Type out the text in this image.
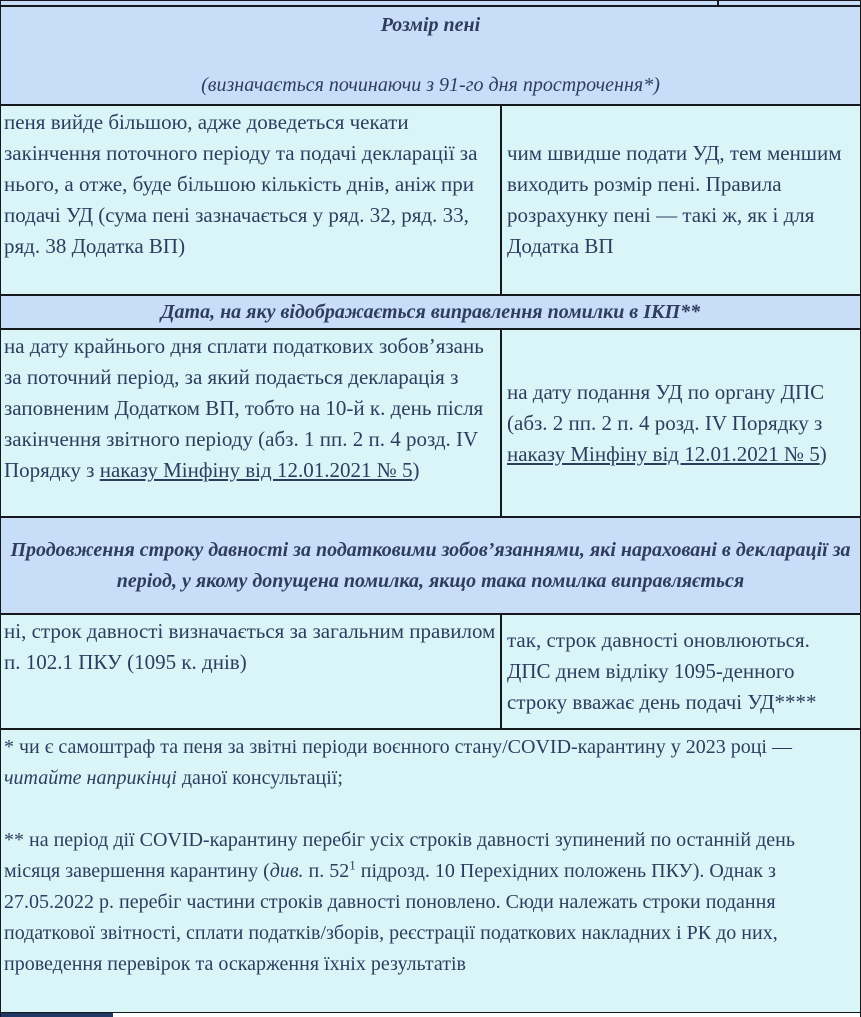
Розмір пені
(визначається починаючи з 91-го дня прострочення*)
пеня вийде більшою, адже доведеться чекати закінчення поточного періоду та подачі декларації за нього, а отже, буде більшою кількість днів, аніж при подачі УД (сума пені зазначається у ряд. 32, ряд. 33, ряд. 38 Додатка ВП)
чим швидше подати УД, тем меншим виходить розмір пені. Правила розрахунку пені — такі ж, як і для Додатка ВП
Дата, на яку відображається виправлення помилки в ІКП**
на дату крайнього дня сплати податкових зобов’язань за поточний період, за який подається декларація з заповненим Додатком ВП, тобто на 10-й к. день після закінчення звітного періоду (абз. 1 пп. 2 п. 4 розд. IV Порядку з наказу Мінфіну від 12.01.2021 № 5)
на дату подання УД по органу ДПС (абз. 2 пп. 2 п. 4 розд. IV Порядку з наказу Мінфіну від 12.01.2021 № 5)
Продовження строку давності за податковими зобов’язаннями, які нараховані в декларації за період, у якому допущена помилка, якщо така помилка виправляється
ні, строк давності визначається за загальним правилом п. 102.1 ПКУ (1095 к. днів)
так, строк давності оновлюються. ДПС днем відліку 1095-денного строку вважає день подачі УД****

* чи є самоштраф та пеня за звітні періоди воєнного стану/COVID-карантину у 2023 році — читайте наприкінці даної консультації;

** на період дії COVID-карантину перебіг усіх строків давності зупинений по останній день місяця завершення карантину (див. п. $52^1$ підрозд. 10 Перехідних положень ПКУ). Однак з 27.05.2022 р. перебіг частини строків давності поновлено. Сюди належать строки подання податкової звітності, сплати податків/зборів, реєстрації податкових накладних і РК до них, проведення перевірок та оскарження їхніх результатів
